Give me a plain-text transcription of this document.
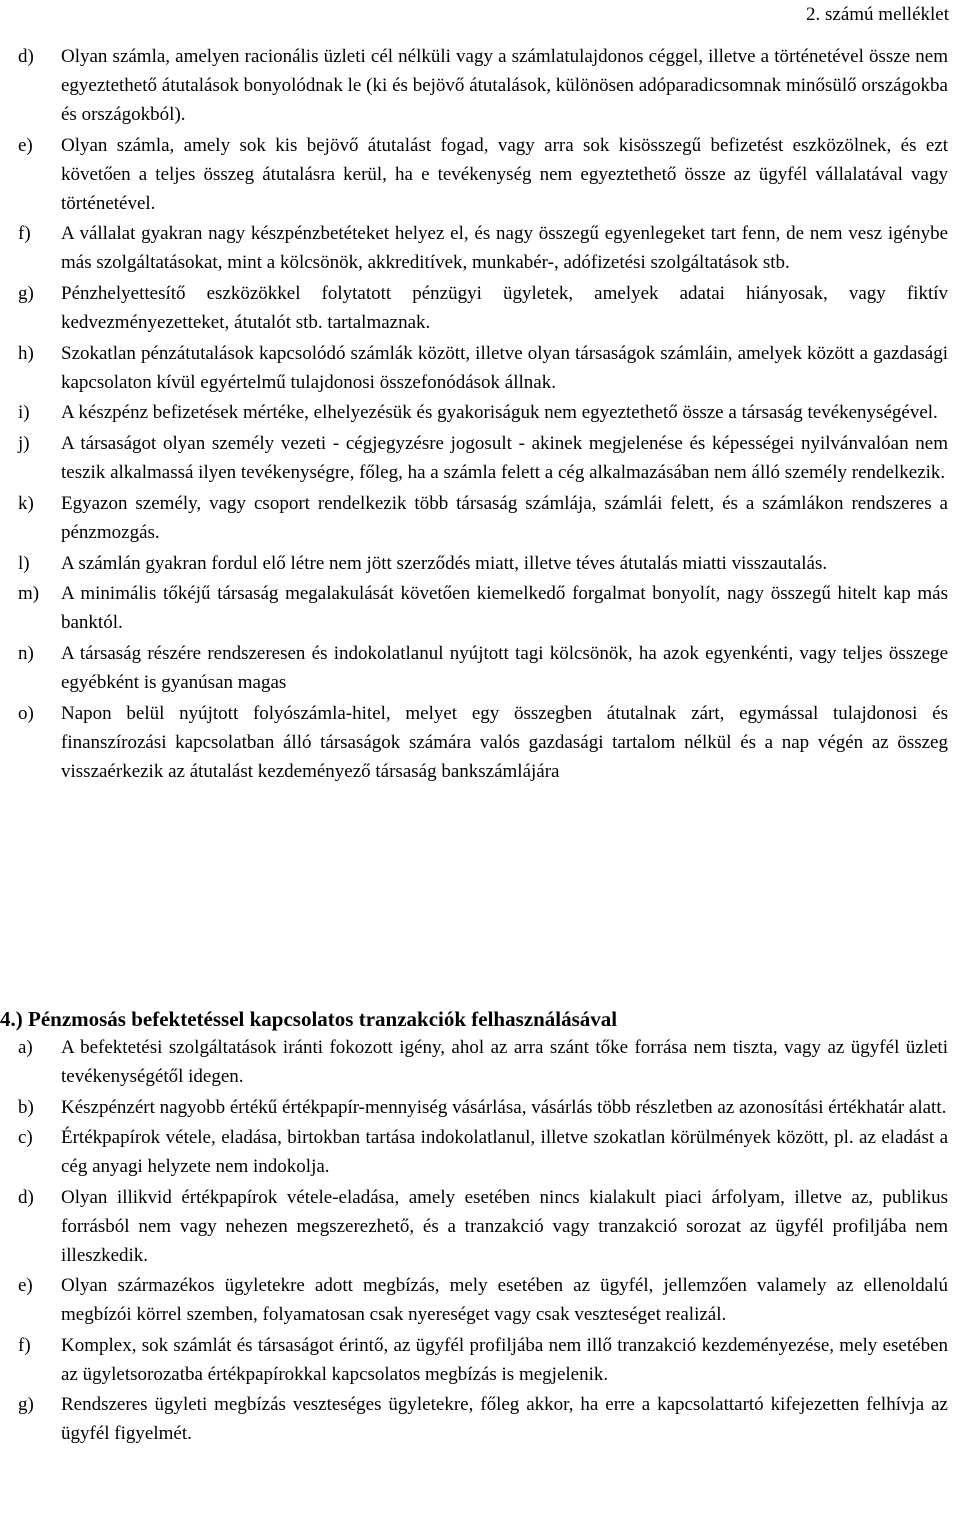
2. számú melléklet
d)	Olyan számla, amelyen racionális üzleti cél nélküli vagy a számlatulajdonos céggel, illetve a történetével össze nem egyeztethető átutalások bonyolódnak le (ki és bejövő átutalások, különösen adóparadicsomnak minősülő országokba és országokból).
e)	Olyan számla, amely sok kis bejövő átutalást fogad, vagy arra sok kisösszegű befizetést eszközölnek, és ezt követően a teljes összeg átutalásra kerül, ha e tevékenység nem egyeztethető össze az ügyfél vállalatával vagy történetével.
f)	A vállalat gyakran nagy készpénzbetéteket helyez el, és nagy összegű egyenlegeket tart fenn, de nem vesz igénybe más szolgáltatásokat, mint a kölcsönök, akkreditívek, munkabér-, adófizetési szolgáltatások stb.
g)	Pénzhelyettesítő eszközökkel folytatott pénzügyi ügyletek, amelyek adatai hiányosak, vagy fiktív kedvezményezetteket, átutalót stb. tartalmaznak.
h)	Szokatlan pénzátutalások kapcsolódó számlák között, illetve olyan társaságok számláin, amelyek között a gazdasági kapcsolaton kívül egyértelmű tulajdonosi összefonódások állnak.
i)	A készpénz befizetések mértéke, elhelyezésük és gyakoriságuk nem egyeztethető össze a társaság tevékenységével.
j)	A társaságot olyan személy vezeti - cégjegyzésre jogosult - akinek megjelenése és képességei nyilvánvalóan nem teszik alkalmassá ilyen tevékenységre, főleg, ha a számla felett a cég alkalmazásában nem álló személy rendelkezik.
k)	Egyazon személy, vagy csoport rendelkezik több társaság számlája, számlái felett, és a számlákon rendszeres a pénzmozgás.
l)	A számlán gyakran fordul elő létre nem jött szerződés miatt, illetve téves átutalás miatti visszautalás.
m)	A minimális tőkéjű társaság megalakulását követően kiemelkedő forgalmat bonyolít, nagy összegű hitelt kap más banktól.
n)	A társaság részére rendszeresen és indokolatlanul nyújtott tagi kölcsönök, ha azok egyenkénti, vagy teljes összege egyébként is gyanúsan magas
o)	Napon belül nyújtott folyószámla-hitel, melyet egy összegben átutalnak zárt, egymással tulajdonosi és finanszírozási kapcsolatban álló társaságok számára valós gazdasági tartalom nélkül és a nap végén az összeg visszaérkezik az átutalást kezdeményező társaság bankszámlájára
4.) Pénzmosás befektetéssel kapcsolatos tranzakciók felhasználásával
a)	A befektetési szolgáltatások iránti fokozott igény, ahol az arra szánt tőke forrása nem tiszta, vagy az ügyfél üzleti tevékenységétől idegen.
b)	Készpénzért nagyobb értékű értékpapír-mennyiség vásárlása, vásárlás több részletben az azonosítási értékhatár alatt.
c)	Értékpapírok vétele, eladása, birtokban tartása indokolatlanul, illetve szokatlan körülmények között, pl. az eladást a cég anyagi helyzete nem indokolja.
d)	Olyan illikvid értékpapírok vétele-eladása, amely esetében nincs kialakult piaci árfolyam, illetve az, publikus forrásból nem vagy nehezen megszerezhető, és a tranzakció vagy tranzakció sorozat az ügyfél profiljába nem illeszkedik.
e)	Olyan származékos ügyletekre adott megbízás, mely esetében az ügyfél, jellemzően valamely az ellenoldalú megbízói körrel szemben, folyamatosan csak nyereséget vagy csak veszteséget realizál.
f)	Komplex, sok számlát és társaságot érintő, az ügyfél profiljába nem illő tranzakció kezdeményezése, mely esetében az ügyletsorozatba értékpapírokkal kapcsolatos megbízás is megjelenik.
g)	Rendszeres ügyleti megbízás veszteséges ügyletekre, főleg akkor, ha erre a kapcsolattartó kifejezetten felhívja az ügyfél figyelmét.
